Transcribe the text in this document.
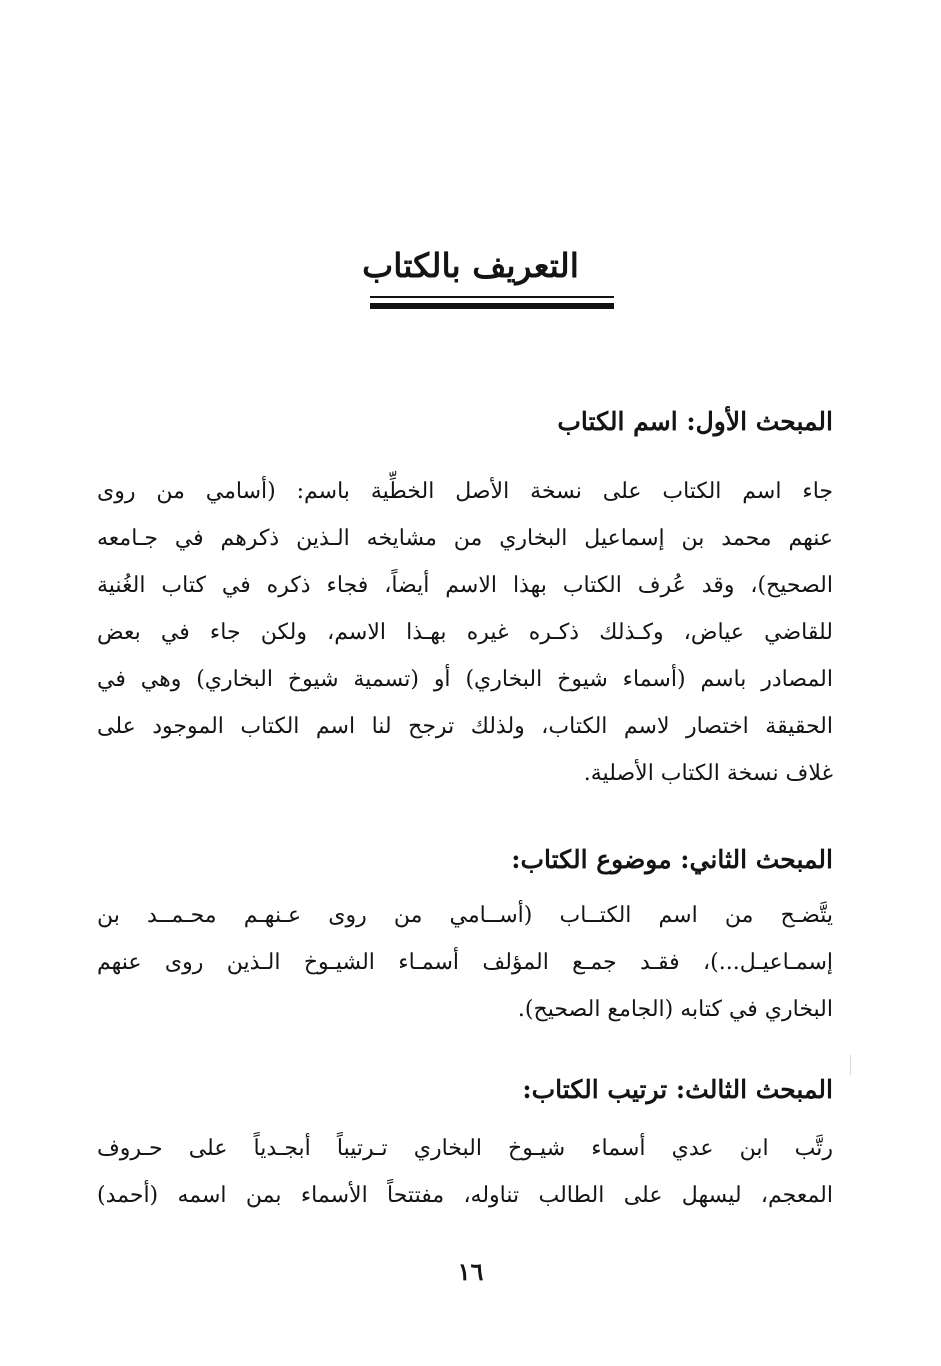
التعريف بالكتاب
المبحث الأول: اسم الكتاب
جاء اسم الكتاب على نسخة الأصل الخطِّية باسم: (أسامي من روى
عنهم محمد بن إسماعيل البخاري من مشايخه الـذين ذكرهم في جـامعه
الصحيح)، وقد عُرف الكتاب بهذا الاسم أيضاً، فجاء ذكره في كتاب الغُنية
للقاضي عياض، وكـذلك ذكـره غيره بهـذا الاسم، ولكن جاء في بعض
المصادر باسم (أسماء شيوخ البخاري) أو (تسمية شيوخ البخاري) وهي في
الحقيقة اختصار لاسم الكتاب، ولذلك ترجح لنا اسم الكتاب الموجود على
غلاف نسخة الكتاب الأصلية.
المبحث الثاني: موضوع الكتاب:
يتَّضـح من اسم الكتــاب (أســامي من روى عـنهـم محـمــد بن
إسمـاعيـل...)، فقـد جمـع المؤلف أسمـاء الشيـوخ الـذين روى عنهم
البخاري في كتابه (الجامع الصحيح).
المبحث الثالث: ترتيب الكتاب:
رتَّب ابن عدي أسماء شيـوخ البخاري تـرتيباً أبجـدياً على حـروف
المعجم، ليسهل على الطالب تناوله، مفتتحاً الأسماء بمن اسمه (أحمد)
١٦
